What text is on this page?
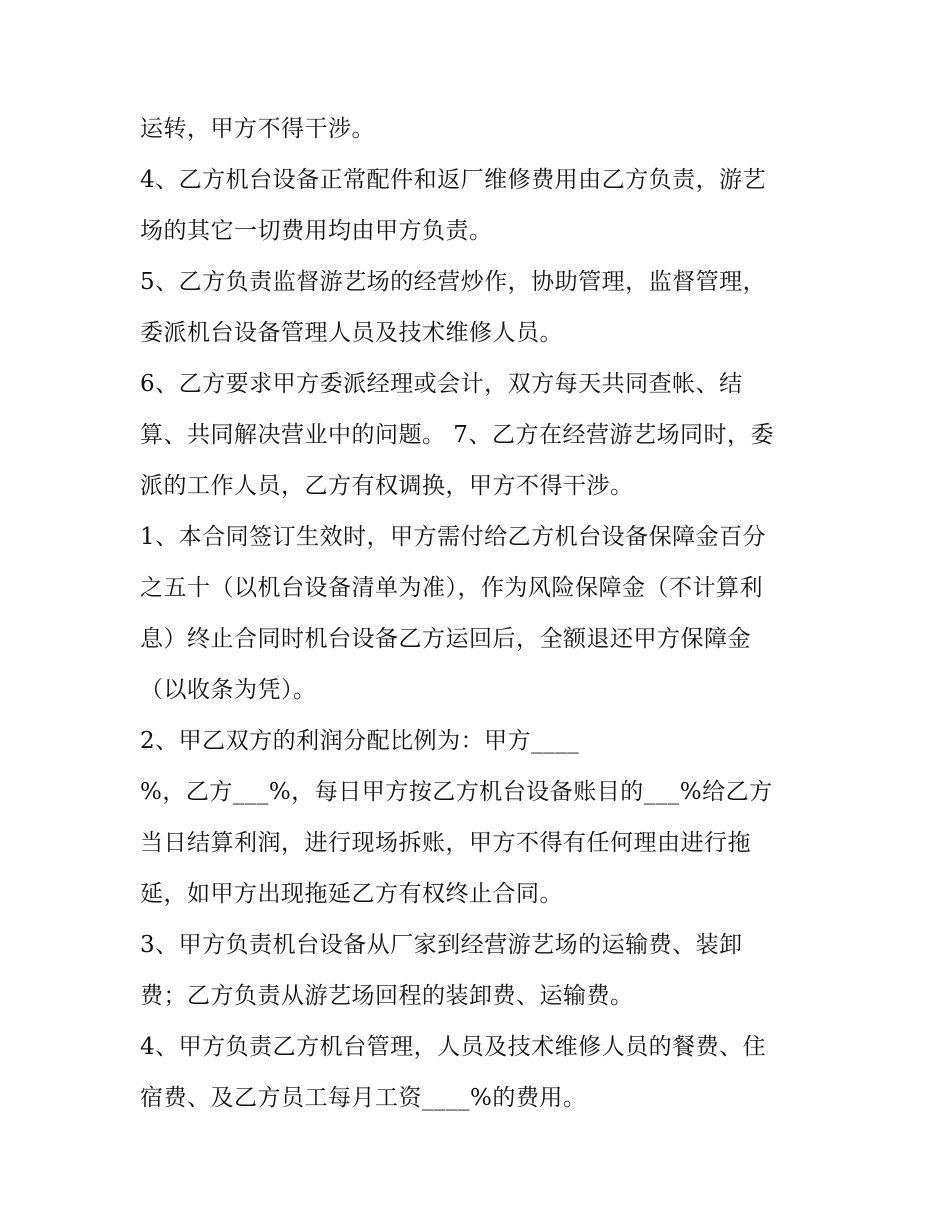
运转，甲方不得干涉。
4、乙方机台设备正常配件和返厂维修费用由乙方负责，游艺
场的其它一切费用均由甲方负责。
5、乙方负责监督游艺场的经营炒作，协助管理，监督管理，
委派机台设备管理人员及技术维修人员。
6、乙方要求甲方委派经理或会计，双方每天共同查帐、结
算、共同解决营业中的问题。 7、乙方在经营游艺场同时，委
派的工作人员，乙方有权调换，甲方不得干涉。
1、本合同签订生效时，甲方需付给乙方机台设备保障金百分
之五十（以机台设备清单为准），作为风险保障金（不计算利
息）终止合同时机台设备乙方运回后，全额退还甲方保障金
（以收条为凭）。
2、甲乙双方的利润分配比例为：甲方____
%，乙方___%，每日甲方按乙方机台设备账目的___%给乙方
当日结算利润，进行现场拆账，甲方不得有任何理由进行拖
延，如甲方出现拖延乙方有权终止合同。
3、甲方负责机台设备从厂家到经营游艺场的运输费、装卸
费；乙方负责从游艺场回程的装卸费、运输费。
4、甲方负责乙方机台管理，人员及技术维修人员的餐费、住
宿费、及乙方员工每月工资____%的费用。
